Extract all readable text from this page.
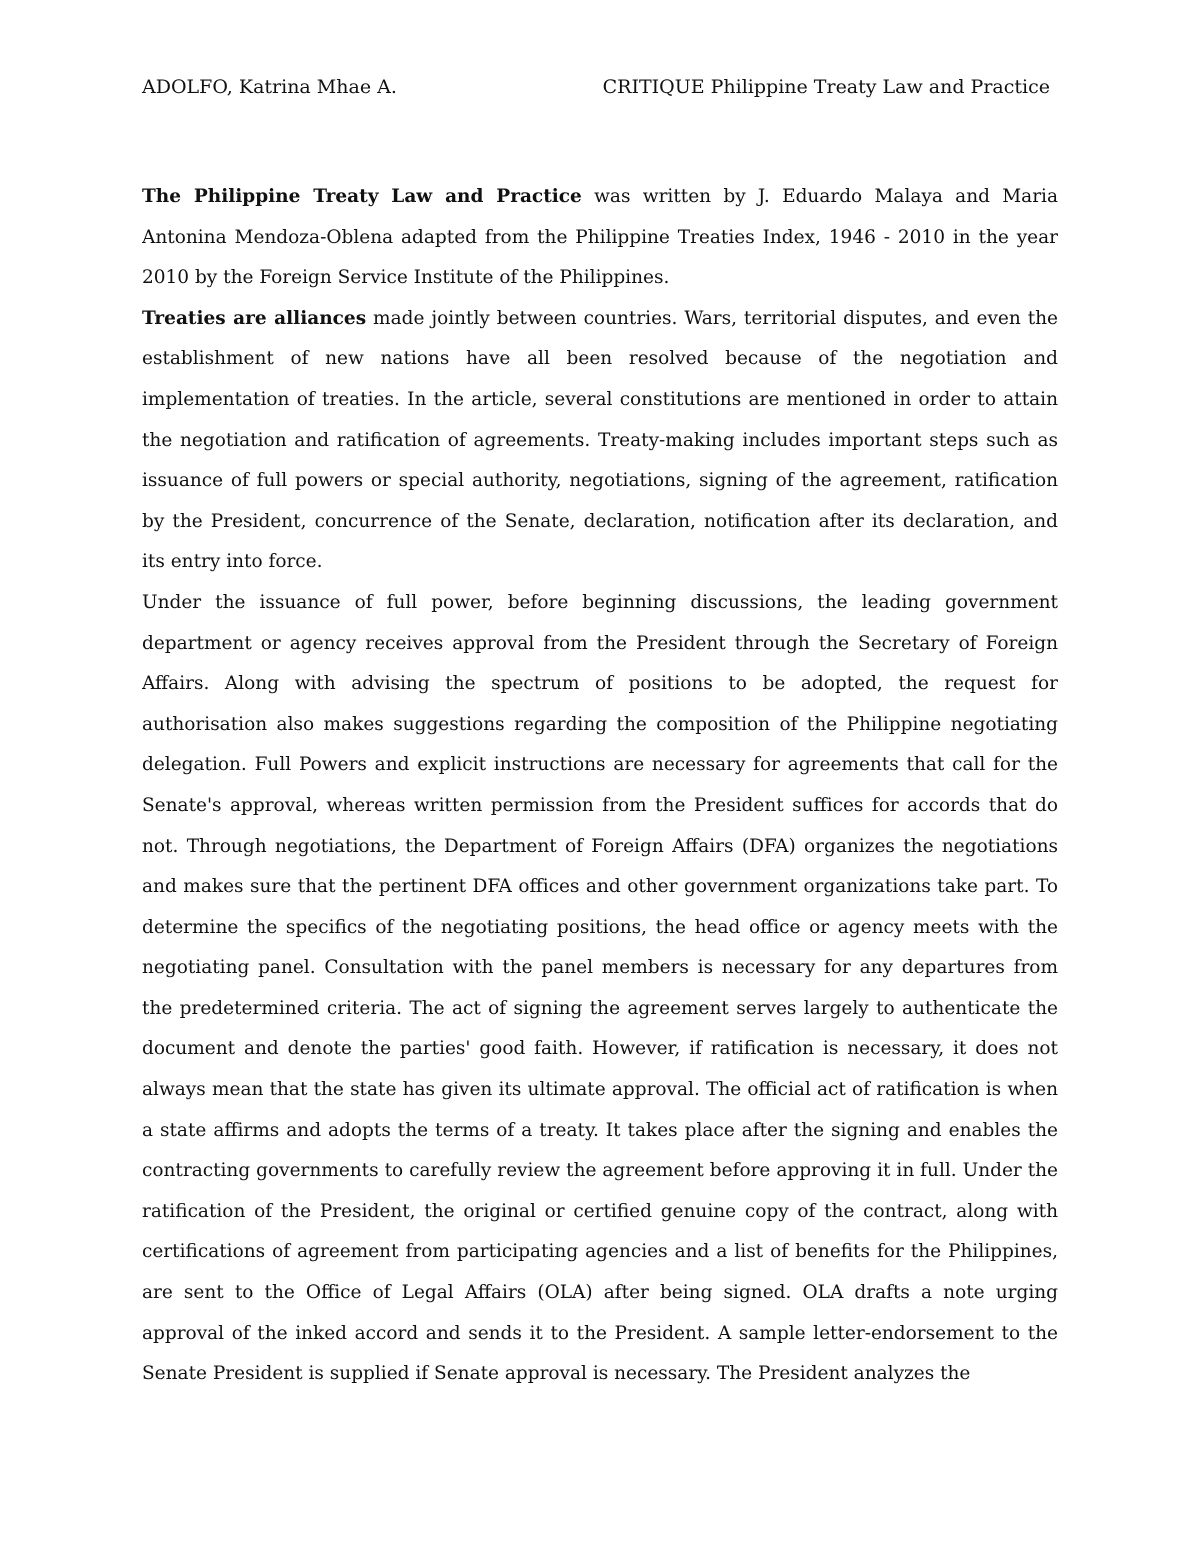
ADOLFO, Katrina Mhae A.	CRITIQUE Philippine Treaty Law and Practice

The Philippine Treaty Law and Practice was written by J. Eduardo Malaya and Maria Antonina Mendoza-Oblena adapted from the Philippine Treaties Index, 1946 - 2010 in the year 2010 by the Foreign Service Institute of the Philippines.

Treaties are alliances made jointly between countries. Wars, territorial disputes, and even the establishment of new nations have all been resolved because of the negotiation and implementation of treaties. In the article, several constitutions are mentioned in order to attain the negotiation and ratification of agreements. Treaty-making includes important steps such as issuance of full powers or special authority, negotiations, signing of the agreement, ratification by the President, concurrence of the Senate, declaration, notification after its declaration, and its entry into force.

Under the issuance of full power, before beginning discussions, the leading government department or agency receives approval from the President through the Secretary of Foreign Affairs. Along with advising the spectrum of positions to be adopted, the request for authorisation also makes suggestions regarding the composition of the Philippine negotiating delegation. Full Powers and explicit instructions are necessary for agreements that call for the Senate's approval, whereas written permission from the President suffices for accords that do not. Through negotiations, the Department of Foreign Affairs (DFA) organizes the negotiations and makes sure that the pertinent DFA offices and other government organizations take part. To determine the specifics of the negotiating positions, the head office or agency meets with the negotiating panel. Consultation with the panel members is necessary for any departures from the predetermined criteria. The act of signing the agreement serves largely to authenticate the document and denote the parties' good faith. However, if ratification is necessary, it does not always mean that the state has given its ultimate approval. The official act of ratification is when a state affirms and adopts the terms of a treaty. It takes place after the signing and enables the contracting governments to carefully review the agreement before approving it in full. Under the ratification of the President, the original or certified genuine copy of the contract, along with certifications of agreement from participating agencies and a list of benefits for the Philippines, are sent to the Office of Legal Affairs (OLA) after being signed. OLA drafts a note urging approval of the inked accord and sends it to the President. A sample letter-endorsement to the Senate President is supplied if Senate approval is necessary. The President analyzes the
